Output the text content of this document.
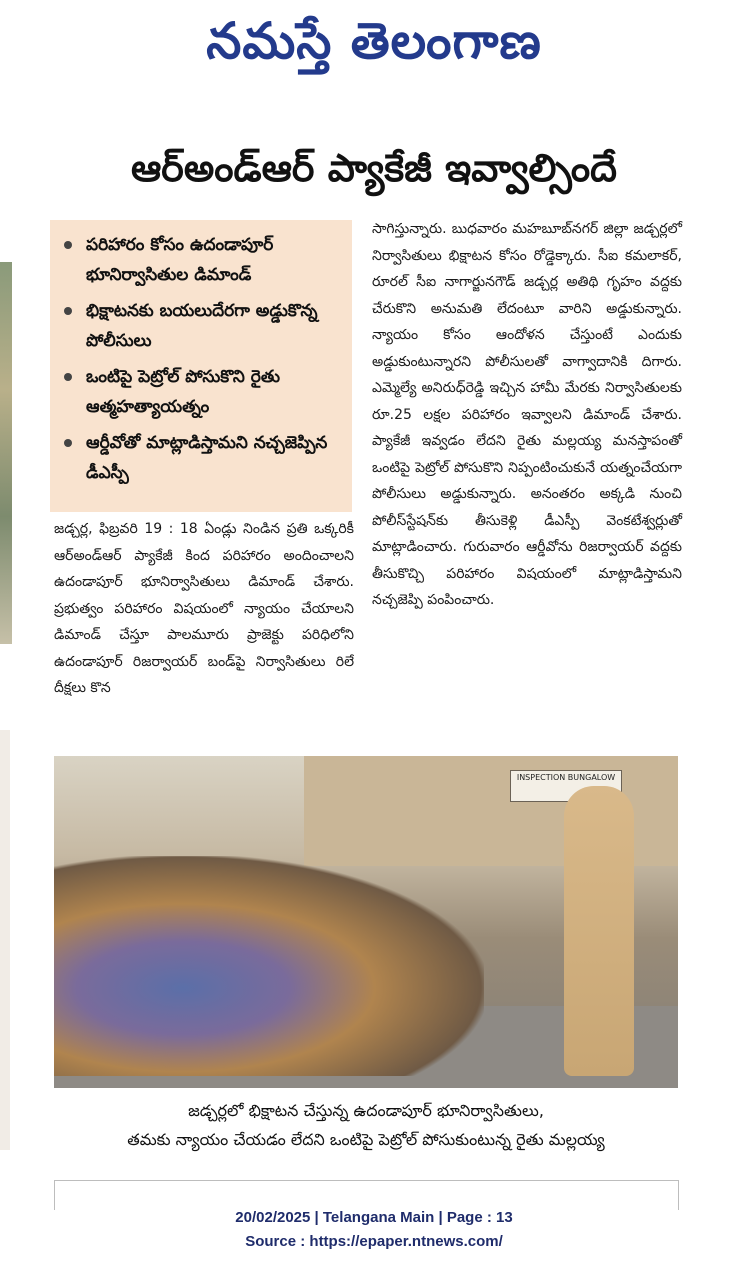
నమస్తే తెలంగాణ
ఆర్‌అండ్‌ఆర్ ప్యాకేజీ ఇవ్వాల్సిందే
పరిహారం కోసం ఉదండాపూర్ భూనిర్వాసితుల డిమాండ్
భిక్షాటనకు బయలుదేరగా అడ్డుకొన్న పోలీసులు
ఒంటిపై పెట్రోల్ పోసుకొని రైతు ఆత్మహత్యాయత్నం
ఆర్డీవోతో మాట్లాడిస్తామని నచ్చజెప్పిన డీఎస్పీ
జడ్చర్ల, ఫిబ్రవరి 19 : 18 ఏండ్లు నిండిన ప్రతి ఒక్కరికీ ఆర్‌అండ్‌ఆర్ ప్యాకేజీ కింద పరిహారం అందించాలని ఉదండాపూర్ భూనిర్వాసితులు డిమాండ్ చేశారు. ప్రభుత్వం పరిహారం విషయంలో న్యాయం చేయాలని డిమాండ్ చేస్తూ పాలమూరు ప్రాజెక్టు పరిధిలోని ఉదండాపూర్ రిజర్వాయర్ బండ్‌పై నిర్వాసితులు రిలే దీక్షలు కొన
సాగిస్తున్నారు. బుధవారం మహబూబ్‌నగర్ జిల్లా జడ్చర్లలో నిర్వాసితులు భిక్షాటన కోసం రోడ్డెక్కారు. సీఐ కమలాకర్, రూరల్ సీఐ నాగార్జునగౌడ్ జడ్చర్ల అతిథి గృహం వద్దకు చేరుకొని అనుమతి లేదంటూ వారిని అడ్డుకున్నారు. న్యాయం కోసం ఆందోళన చేస్తుంటే ఎందుకు అడ్డుకుంటున్నారని పోలీసులతో వాగ్వాదానికి దిగారు. ఎమ్మెల్యే అనిరుధ్‌రెడ్డి ఇచ్చిన హామీ మేరకు నిర్వాసితులకు రూ.25 లక్షల పరిహారం ఇవ్వాలని డిమాండ్ చేశారు. ప్యాకేజీ ఇవ్వడం లేదని రైతు మల్లయ్య మనస్తాపంతో ఒంటిపై పెట్రోల్ పోసుకొని నిప్పంటించుకునే యత్నంచేయగా పోలీసులు అడ్డుకున్నారు. అనంతరం అక్కడి నుంచి పోలీస్‌స్టేషన్‌కు తీసుకెళ్లి డీఎస్పీ వెంకటేశ్వర్లుతో మాట్లాడించారు. గురువారం ఆర్డీవోను రిజర్వాయర్ వద్దకు తీసుకొచ్చి పరిహారం విషయంలో మాట్లాడిస్తామని నచ్చజెప్పి పంపించారు.
INSPECTION BUNGALOW
జడ్చర్లలో భిక్షాటన చేస్తున్న ఉదండాపూర్ భూనిర్వాసితులు,
తమకు న్యాయం చేయడం లేదని ఒంటిపై పెట్రోల్ పోసుకుంటున్న రైతు మల్లయ్య
20/02/2025 | Telangana Main | Page : 13
Source : https://epaper.ntnews.com/
